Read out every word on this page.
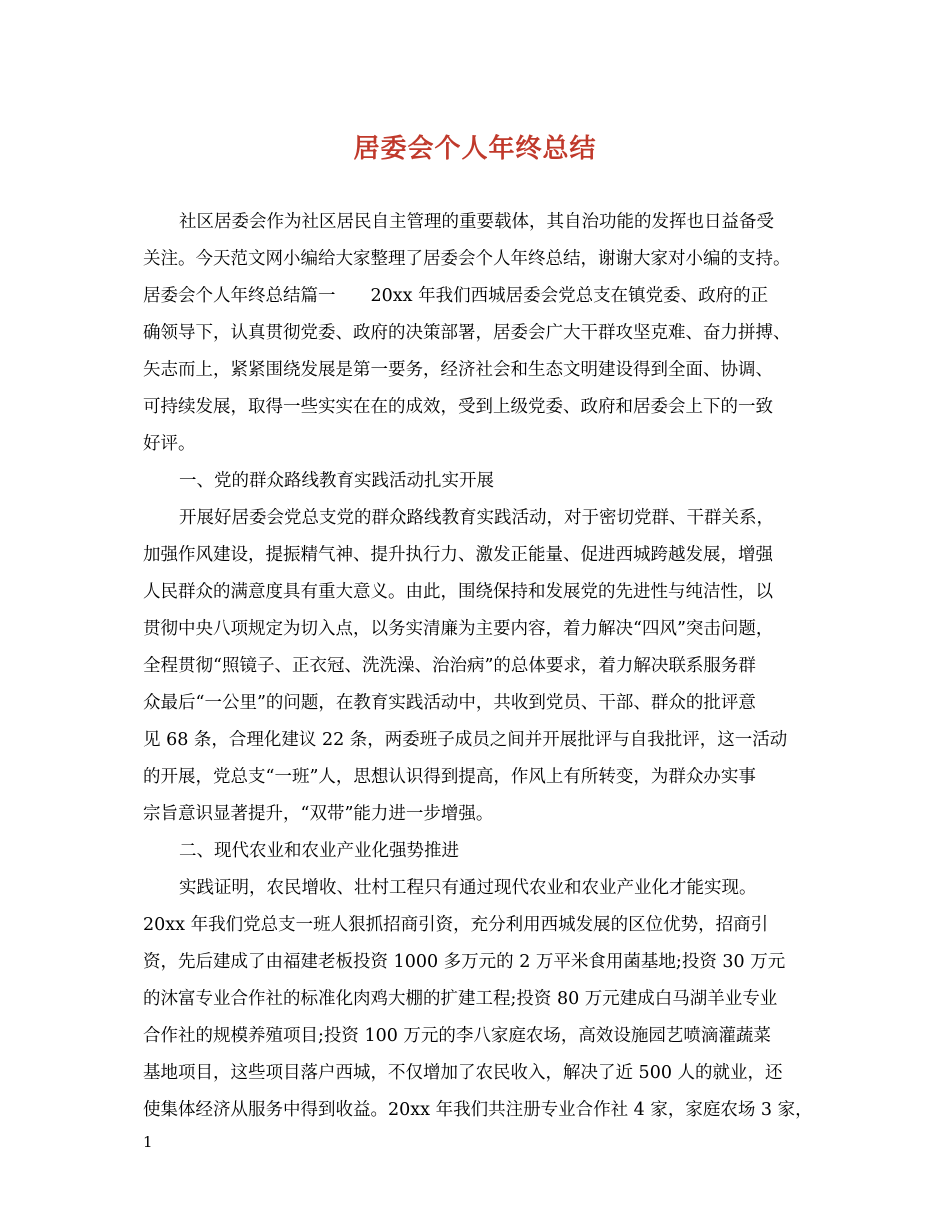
居委会个人年终总结

社区居委会作为社区居民自主管理的重要载体，其自治功能的发挥也日益备受

关注。今天范文网小编给大家整理了居委会个人年终总结，谢谢大家对小编的支持。

居委会个人年终总结篇一　　20xx 年我们西城居委会党总支在镇党委、政府的正

确领导下，认真贯彻党委、政府的决策部署，居委会广大干群攻坚克难、奋力拼搏、

矢志而上，紧紧围绕发展是第一要务，经济社会和生态文明建设得到全面、协调、

可持续发展，取得一些实实在在的成效，受到上级党委、政府和居委会上下的一致

好评。

一、党的群众路线教育实践活动扎实开展

开展好居委会党总支党的群众路线教育实践活动，对于密切党群、干群关系，

加强作风建设，提振精气神、提升执行力、激发正能量、促进西城跨越发展，增强

人民群众的满意度具有重大意义。由此，围绕保持和发展党的先进性与纯洁性，以

贯彻中央八项规定为切入点，以务实清廉为主要内容，着力解决“四风”突击问题，

全程贯彻“照镜子、正衣冠、洗洗澡、治治病”的总体要求，着力解决联系服务群

众最后“一公里”的问题，在教育实践活动中，共收到党员、干部、群众的批评意

见 68 条，合理化建议 22 条，两委班子成员之间并开展批评与自我批评，这一活动

的开展，党总支“一班”人，思想认识得到提高，作风上有所转变，为群众办实事

宗旨意识显著提升，“双带”能力进一步增强。

二、现代农业和农业产业化强势推进

实践证明，农民增收、壮村工程只有通过现代农业和农业产业化才能实现。

20xx 年我们党总支一班人狠抓招商引资，充分利用西城发展的区位优势，招商引

资，先后建成了由福建老板投资 1000 多万元的 2 万平米食用菌基地;投资 30 万元

的沐富专业合作社的标准化肉鸡大棚的扩建工程;投资 80 万元建成白马湖羊业专业

合作社的规模养殖项目;投资 100 万元的李八家庭农场，高效设施园艺喷滴灌蔬菜

基地项目，这些项目落户西城，不仅增加了农民收入，解决了近 500 人的就业，还

使集体经济从服务中得到收益。20xx 年我们共注册专业合作社 4 家，家庭农场 3 家，

1
